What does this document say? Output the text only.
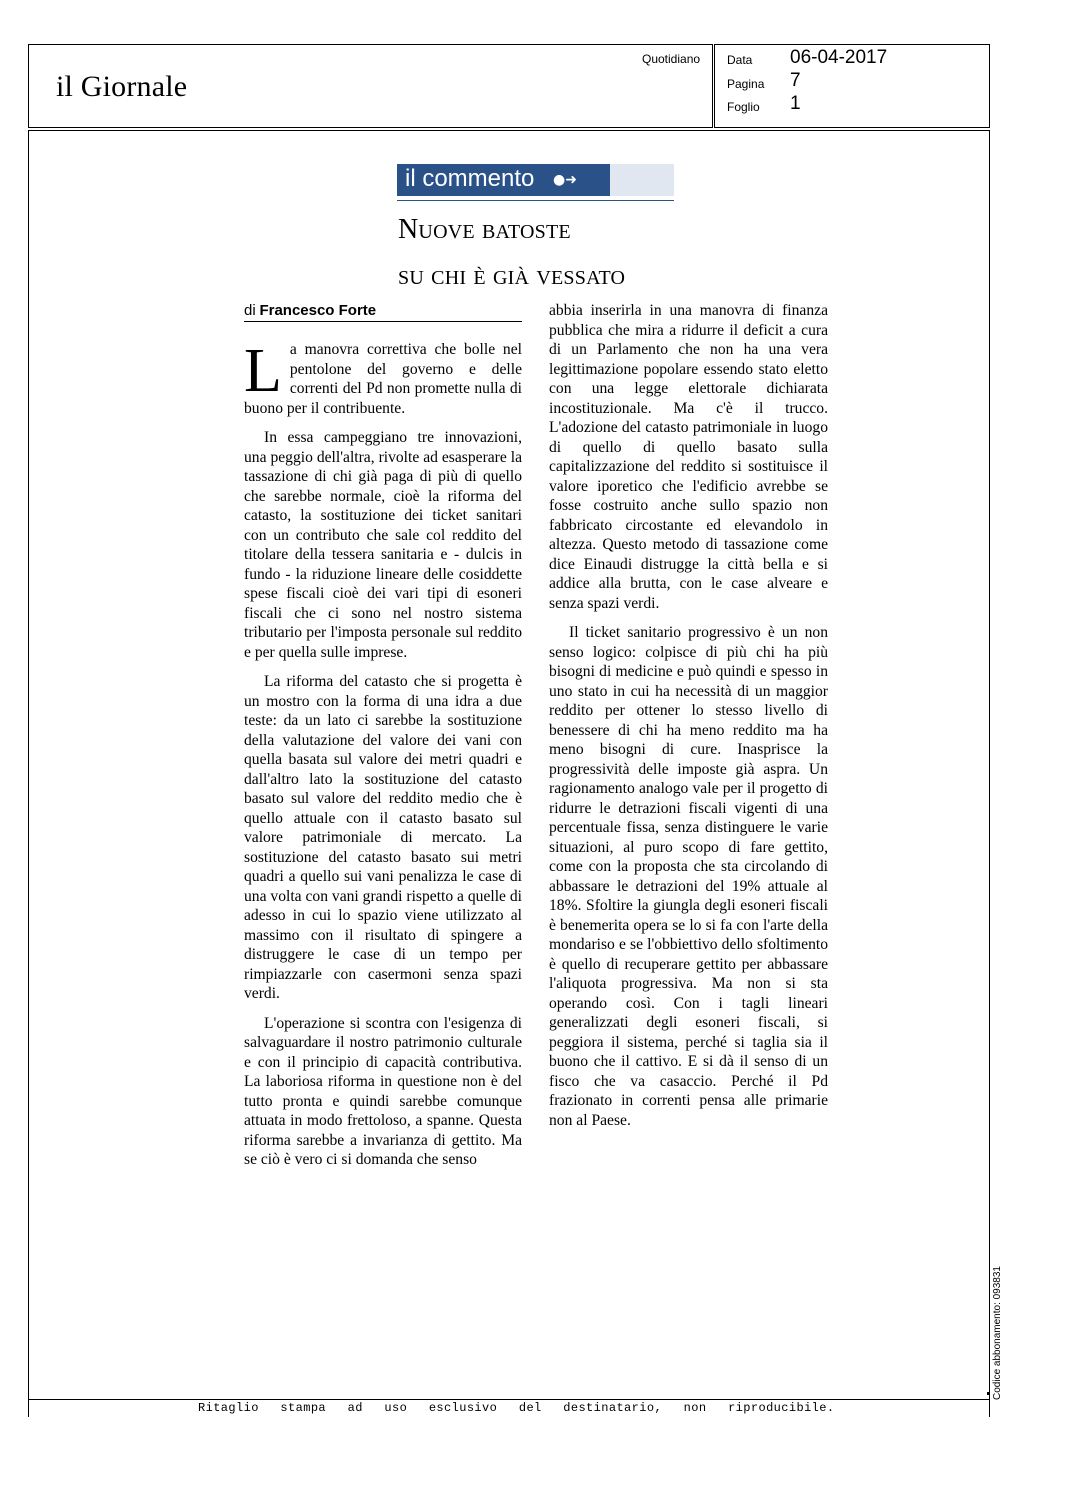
il Giornale
Quotidiano Data 06-04-2017
Pagina 7
Foglio 1
il commento ●➜
Nuove batoste
su chi è già vessato
di Francesco Forte

La manovra correttiva che bolle nel pentolone del governo e delle correnti del Pd non promette nulla di buono per il contribuente.

In essa campeggiano tre innovazioni, una peggio dell'altra, rivolte ad esasperare la tassazione di chi già paga di più di quello che sarebbe normale, cioè la riforma del catasto, la sostituzione dei ticket sanitari con un contributo che sale col reddito del titolare della tessera sanitaria e - dulcis in fundo - la riduzione lineare delle cosiddette spese fiscali cioè dei vari tipi di esoneri fiscali che ci sono nel nostro sistema tributario per l'imposta personale sul reddito e per quella sulle imprese.

La riforma del catasto che si progetta è un mostro con la forma di una idra a due teste: da un lato ci sarebbe la sostituzione della valutazione del valore dei vani con quella basata sul valore dei metri quadri e dall'altro lato la sostituzione del catasto basato sul valore del reddito medio che è quello attuale con il catasto basato sul valore patrimoniale di mercato. La sostituzione del catasto basato sui metri quadri a quello sui vani penalizza le case di una volta con vani grandi rispetto a quelle di adesso in cui lo spazio viene utilizzato al massimo con il risultato di spingere a distruggere le case di un tempo per rimpiazzarle con casermoni senza spazi verdi.

L'operazione si scontra con l'esigenza di salvaguardare il nostro patrimonio culturale e con il principio di capacità contributiva. La laboriosa riforma in questione non è del tutto pronta e quindi sarebbe comunque attuata in modo frettoloso, a spanne. Questa riforma sarebbe a invarianza di gettito. Ma se ciò è vero ci si domanda che senso

abbia inserirla in una manovra di finanza pubblica che mira a ridurre il deficit a cura di un Parlamento che non ha una vera legittimazione popolare essendo stato eletto con una legge elettorale dichiarata incostituzionale. Ma c'è il trucco. L'adozione del catasto patrimoniale in luogo di quello di quello basato sulla capitalizzazione del reddito si sostituisce il valore iporetico che l'edificio avrebbe se fosse costruito anche sullo spazio non fabbricato circostante ed elevandolo in altezza. Questo metodo di tassazione come dice Einaudi distrugge la città bella e si addice alla brutta, con le case alveare e senza spazi verdi.

Il ticket sanitario progressivo è un non senso logico: colpisce di più chi ha più bisogni di medicine e può quindi e spesso in uno stato in cui ha necessità di un maggior reddito per ottener lo stesso livello di benessere di chi ha meno reddito ma ha meno bisogni di cure. Inasprisce la progressività delle imposte già aspra. Un ragionamento analogo vale per il progetto di ridurre le detrazioni fiscali vigenti di una percentuale fissa, senza distinguere le varie situazioni, al puro scopo di fare gettito, come con la proposta che sta circolando di abbassare le detrazioni del 19% attuale al 18%. Sfoltire la giungla degli esoneri fiscali è benemerita opera se lo si fa con l'arte della mondariso e se l'obbiettivo dello sfoltimento è quello di recuperare gettito per abbassare l'aliquota progressiva. Ma non si sta operando così. Con i tagli lineari generalizzati degli esoneri fiscali, si peggiora il sistema, perché si taglia sia il buono che il cattivo. E si dà il senso di un fisco che va casaccio. Perché il Pd frazionato in correnti pensa alle primarie non al Paese.

Ritaglio stampa ad uso esclusivo del destinatario, non riproducibile.
Codice abbonamento: 093831
